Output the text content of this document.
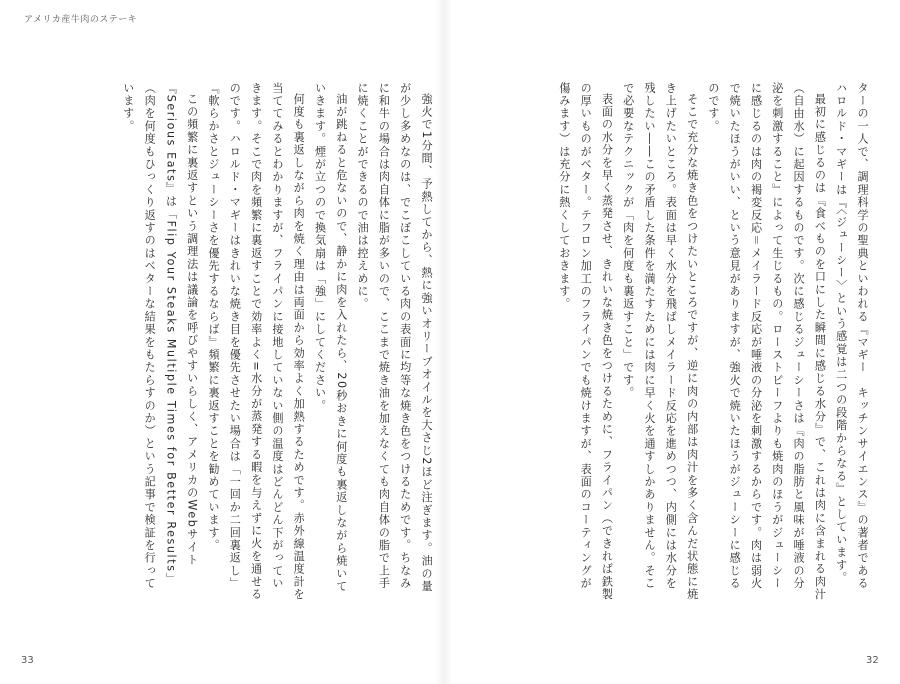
アメリカ産牛肉のステーキ

強火で1分間、予熱してから、熱に強いオリーブオイルを大さじ2ほど注ぎます。油の量が少し多めなのは、でこぼこしている肉の表面に均等な焼き色をつけるためです。ちなみに和牛の場合は肉自体に脂が多いので、ここまで焼き油を加えなくても肉自体の脂で上手に焼くことができるので油は控えめに。

油が跳ねると危ないので、静かに肉を入れたら、20秒おきに何度も裏返しながら焼いていきます。煙が立つので換気扇は「強」にしてください。

何度も裏返しながら肉を焼く理由は両面から効率よく加熱するためです。赤外線温度計を当ててみるとわかりますが、フライパンに接地していない側の温度はどんどん下がっていきます。そこで肉を頻繁に裏返すことで効率よく=水分が蒸発する暇を与えずに火を通せるのです。ハロルド・マギーはきれいな焼き目を優先させたい場合は「一回か二回裏返し」『軟らかさとジューシーさを優先するならば』頻繁に裏返すことを勧めています。

この頻繁に裏返すという調理法は議論を呼びやすいらしく、アメリカのWebサイト『Serious Eats』は「Flip Your Steaks Multiple Times for Better Results」（肉を何度もひっくり返すのはベターな結果をもたらすのか）という記事で検証を行っています。	ターの一人で、調理科学の聖典といわれる『マギー　キッチンサイエンス』の著者であるハロルド・マギーは『〈ジューシー〉という感覚は二つの段階からなる』としています。

最初に感じるのは『食べものを口にした瞬間に感じる水分』で、これは肉に含まれる肉汁（自由水）に起因するものです。次に感じるジューシーさは『肉の脂肪と風味が唾液の分泌を刺激すること』によって生じるもの。ローストビーフよりも焼肉のほうがジューシーに感じるのは肉の褐変反応＝メイラード反応が唾液の分泌を刺激するからです。肉は弱火で焼いたほうがいい、という意見がありますが、強火で焼いたほうがジューシーに感じるのです。

そこで充分な焼き色をつけたいところですが、逆に肉の内部は肉汁を多く含んだ状態に焼き上げたいところ。表面は早く水分を飛ばしメイラード反応を進めつつ、内側には水分を残したい――この矛盾した条件を満たすためには肉に早く火を通すしかありません。そこで必要なテクニックが「肉を何度も裏返すこと」です。

表面の水分を早く蒸発させ、きれいな焼き色をつけるために、フライパン（できれば鉄製の厚いものがベター。テフロン加工のフライパンでも焼けますが、表面のコーティングが傷みます）は充分に熱くしておきます。

33	32
